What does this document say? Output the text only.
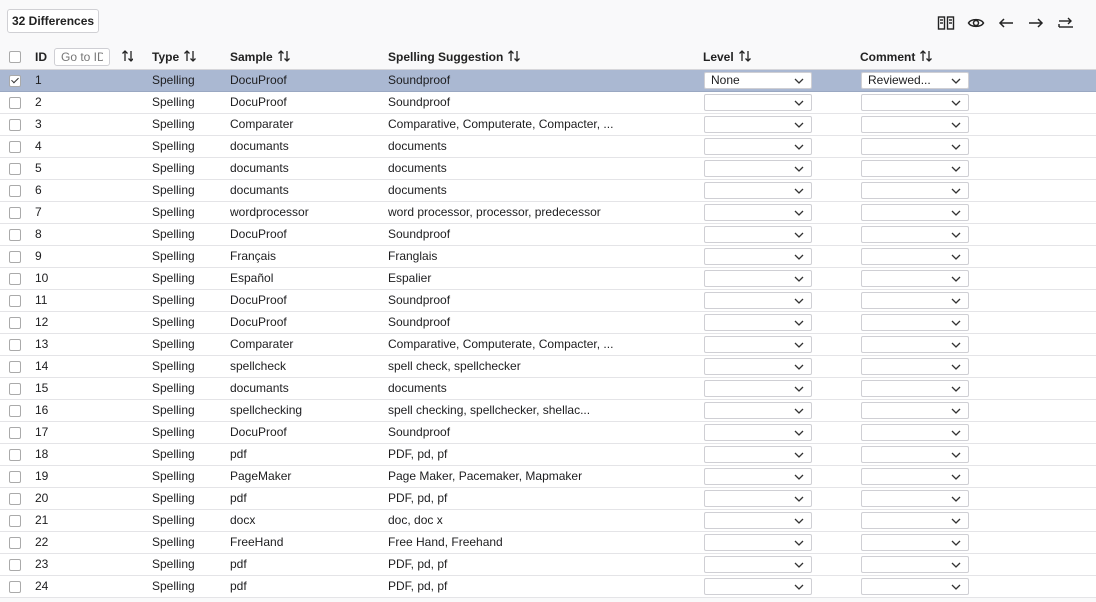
32 Differences
ID
Go to ID	Type	Sample	Spelling Suggestion	Level	Comment
1	Spelling	DocuProof	Soundproof	None	Reviewed...
2	Spelling	DocuProof	Soundproof
3	Spelling	Comparater	Comparative, Computerate, Compacter, ...
4	Spelling	documants	documents
5	Spelling	documants	documents
6	Spelling	documants	documents
7	Spelling	wordprocessor	word processor, processor, predecessor
8	Spelling	DocuProof	Soundproof
9	Spelling	Français	Franglais
10	Spelling	Español	Espalier
11	Spelling	DocuProof	Soundproof
12	Spelling	DocuProof	Soundproof
13	Spelling	Comparater	Comparative, Computerate, Compacter, ...
14	Spelling	spellcheck	spell check, spellchecker
15	Spelling	documants	documents
16	Spelling	spellchecking	spell checking, spellchecker, shellac...
17	Spelling	DocuProof	Soundproof
18	Spelling	pdf	PDF, pd, pf
19	Spelling	PageMaker	Page Maker, Pacemaker, Mapmaker
20	Spelling	pdf	PDF, pd, pf
21	Spelling	docx	doc, doc x
22	Spelling	FreeHand	Free Hand, Freehand
23	Spelling	pdf	PDF, pd, pf
24	Spelling	pdf	PDF, pd, pf
